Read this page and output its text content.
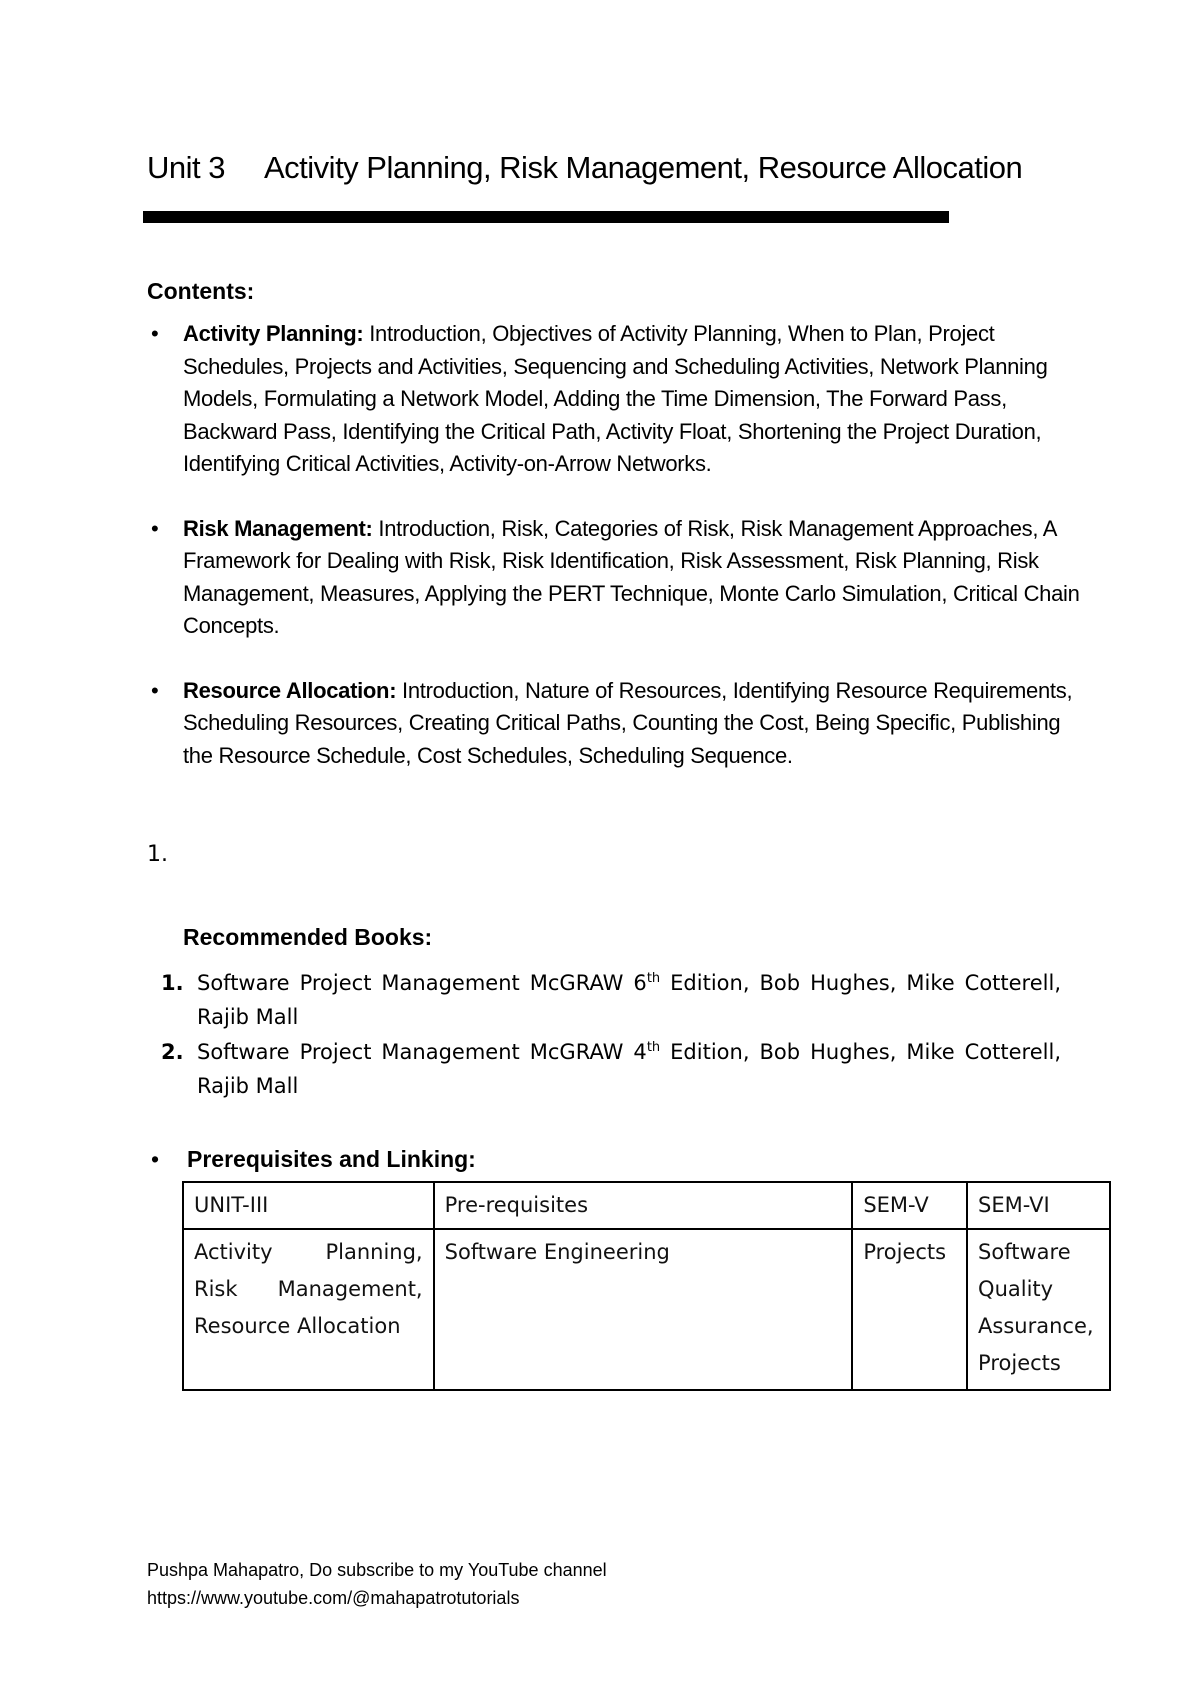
Unit 3 Activity Planning, Risk Management, Resource Allocation
Contents:
• Activity Planning: Introduction, Objectives of Activity Planning, When to Plan, Project Schedules, Projects and Activities, Sequencing and Scheduling Activities, Network Planning Models, Formulating a Network Model, Adding the Time Dimension, The Forward Pass, Backward Pass, Identifying the Critical Path, Activity Float, Shortening the Project Duration, Identifying Critical Activities, Activity-on-Arrow Networks.
• Risk Management: Introduction, Risk, Categories of Risk, Risk Management Approaches, A Framework for Dealing with Risk, Risk Identification, Risk Assessment, Risk Planning, Risk Management, Measures, Applying the PERT Technique, Monte Carlo Simulation, Critical Chain Concepts.
• Resource Allocation: Introduction, Nature of Resources, Identifying Resource Requirements, Scheduling Resources, Creating Critical Paths, Counting the Cost, Being Specific, Publishing the Resource Schedule, Cost Schedules, Scheduling Sequence.
1.
Recommended Books:
1. Software Project Management McGRAW 6th Edition, Bob Hughes, Mike Cotterell, Rajib Mall
2. Software Project Management McGRAW 4th Edition, Bob Hughes, Mike Cotterell, Rajib Mall
• Prerequisites and Linking:
UNIT-III	Pre-requisites	SEM-V	SEM-VI
Activity Planning, Risk Management, Resource Allocation	Software Engineering	Projects	Software Quality Assurance, Projects
Pushpa Mahapatro, Do subscribe to my YouTube channel
https://www.youtube.com/@mahapatrotutorials
